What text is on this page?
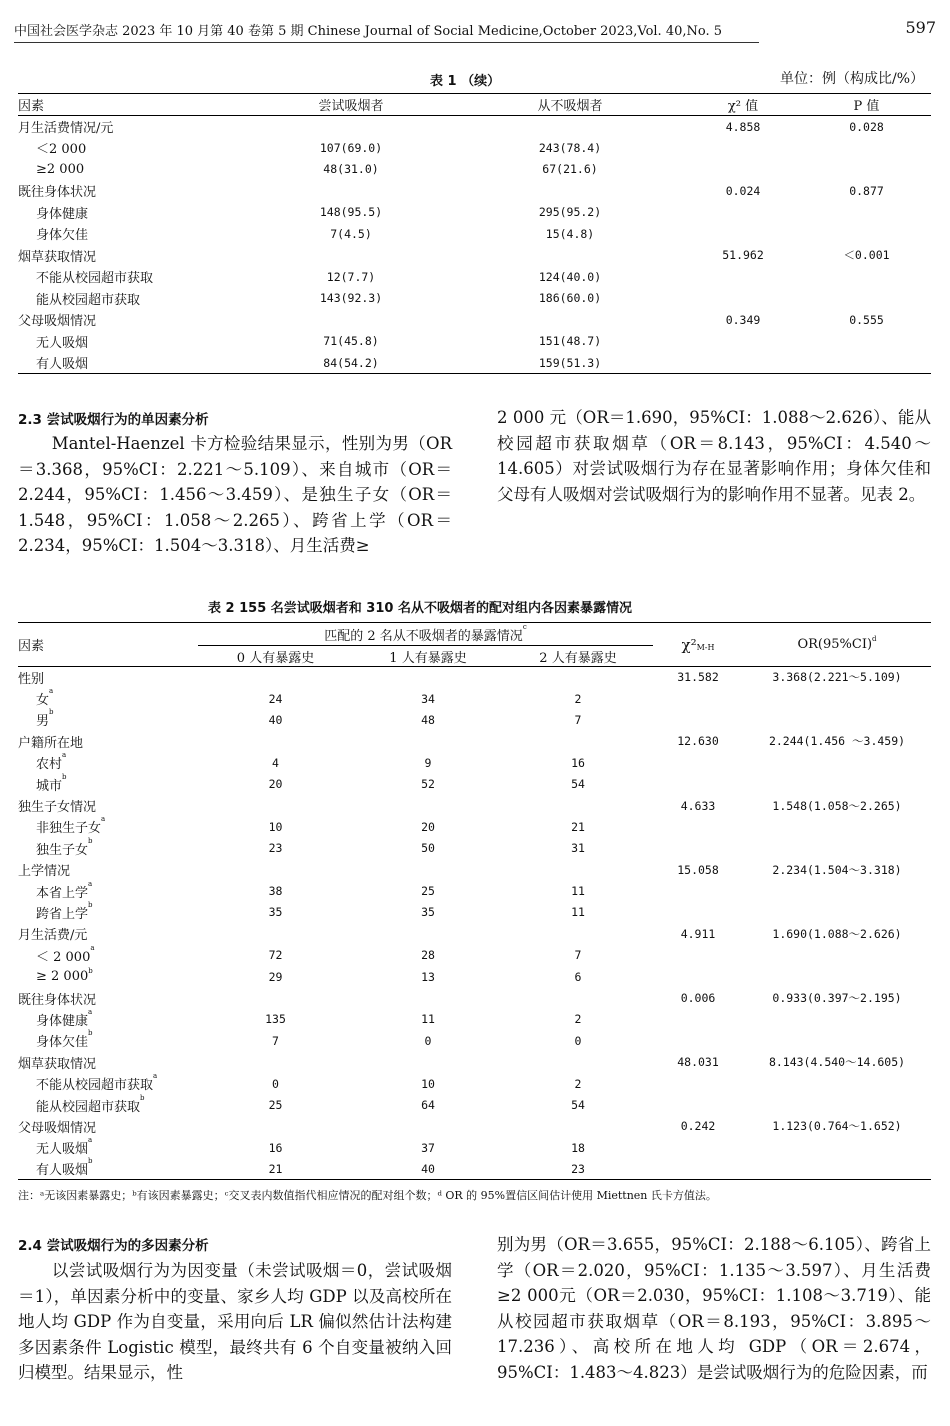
中国社会医学杂志 2023 年 10 月第 40 卷第 5 期 Chinese Journal of Social Medicine,October 2023,Vol. 40,No. 5	597
表 1 （续）	单位：例（构成比/%）
因素	尝试吸烟者	从不吸烟者	χ² 值	P 值
月生活费情况/元			4.858	0.028
＜2 000	107(69.0)	243(78.4)		
≥2 000	48(31.0)	67(21.6)		
既往身体状况			0.024	0.877
身体健康	148(95.5)	295(95.2)		
身体欠佳	7(4.5)	15(4.8)		
烟草获取情况			51.962	＜0.001
不能从校园超市获取	12(7.7)	124(40.0)		
能从校园超市获取	143(92.3)	186(60.0)		
父母吸烟情况			0.349	0.555
无人吸烟	71(45.8)	151(48.7)		
有人吸烟	84(54.2)	159(51.3)		
2.3 尝试吸烟行为的单因素分析
　　Mantel-Haenzel 卡方检验结果显示，性别为男（OR＝3.368，95%CI：2.221～5.109）、来自城市（OR＝2.244，95%CI：1.456～3.459）、是独生子女（OR＝1.548，95%CI：1.058～2.265）、跨省上学（OR＝2.234，95%CI：1.504～3.318）、月生活费≥
2 000 元（OR＝1.690，95%CI：1.088～2.626）、能从校园超市获取烟草（OR＝8.143，95%CI：4.540～14.605）对尝试吸烟行为存在显著影响作用；身体欠佳和父母有人吸烟对尝试吸烟行为的影响作用不显著。见表 2。
表 2 155 名尝试吸烟者和 310 名从不吸烟者的配对组内各因素暴露情况
因素	匹配的 2 名从不吸烟者的暴露情况$^c$			χ²M-H	$OR(95\%CI)^d$
	0 人有暴露史	1 人有暴露史	2 人有暴露史		
性别				31.582	3.368(2.221～5.109)
女$^a$	24	34	2		
男$^b$	40	48	7		
户籍所在地				12.630	2.244(1.456 ～3.459)
农村$^a$	4	9	16		
城市$^b$	20	52	54		
独生子女情况				4.633	1.548(1.058～2.265)
非独生子女$^a$	10	20	21		
独生子女$^b$	23	50	31		
上学情况				15.058	2.234(1.504～3.318)
本省上学$^a$	38	25	11		
跨省上学$^b$	35	35	11		
月生活费/元				4.911	1.690(1.088～2.626)
＜ 2 000$^a$	72	28	7		
≥ 2 000$^b$	29	13	6		
既往身体状况				0.006	0.933(0.397～2.195)
身体健康$^a$	135	11	2		
身体欠佳$^b$	7	0	0		
烟草获取情况				48.031	8.143(4.540～14.605)
不能从校园超市获取$^a$	0	10	2		
能从校园超市获取$^b$	25	64	54		
父母吸烟情况				0.242	1.123(0.764～1.652)
无人吸烟$^a$	16	37	18		
有人吸烟$^b$	21	40	23		
注：ᵃ无该因素暴露史；ᵇ有该因素暴露史；ᶜ交叉表内数值指代相应情况的配对组个数；ᵈ OR 的 95%置信区间估计使用 Miettnen 氏卡方值法。
2.4 尝试吸烟行为的多因素分析
　　以尝试吸烟行为为因变量（未尝试吸烟＝0，尝试吸烟＝1），单因素分析中的变量、家乡人均 GDP 以及高校所在地人均 GDP 作为自变量，采用向后 LR 偏似然估计法构建多因素条件 Logistic 模型，最终共有 6 个自变量被纳入回归模型。结果显示，性
别为男（OR＝3.655，95%CI：2.188～6.105）、跨省上学（OR＝2.020，95%CI：1.135～3.597）、月生活费≥2 000元（OR＝2.030，95%CI：1.108～3.719）、能从校园超市获取烟草（OR＝8.193，95%CI：3.895～17.236）、高校所在地人均 GDP（OR＝2.674，95%CI：1.483～4.823）是尝试吸烟行为的危险因素，而
